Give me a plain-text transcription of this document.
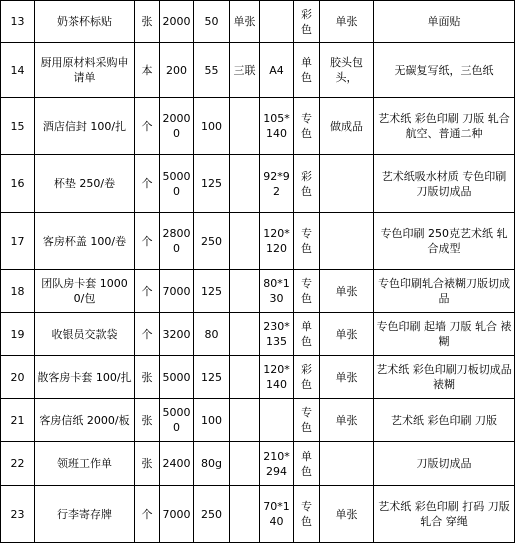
13	奶茶杯标贴	张	2000	50	单张		彩色	单张	单面贴
14	厨用原材料采购申请单	本	200	55	三联	A4	单色	胶头包头，	无碳复写纸，三色纸
15	酒店信封 100/扎	个	20000	100		105*140	专色	做成品	艺术纸 彩色印刷 刀版 轧合 航空、普通二种
16	杯垫 250/卷	个	50000	125		92*92	彩色		艺术纸吸水材质 专色印刷 刀版切成品
17	客房杯盖 100/卷	个	28000	250		120*120	专色		专色印刷 250克艺术纸 轧合成型
18	团队房卡套 10000/包	个	7000	125		80*130	专色	单张	专色印刷轧合裱糊刀版切成品
19	收银员交款袋	个	3200	80		230*135	单色	单张	专色印刷 起墙 刀版 轧合 裱糊
20	散客房卡套 100/扎	张	5000	125		120*140	彩色	单张	艺术纸 彩色印刷刀板切成品 裱糊
21	客房信纸 2000/板	张	50000	100			专色	单张	艺术纸 彩色印刷 刀版
22	领班工作单	张	2400	80g		210*294	单色		刀版切成品
23	行李寄存牌	个	7000	250		70*140	专色	单张	艺术纸 彩色印刷 打码 刀版 轧合 穿绳
